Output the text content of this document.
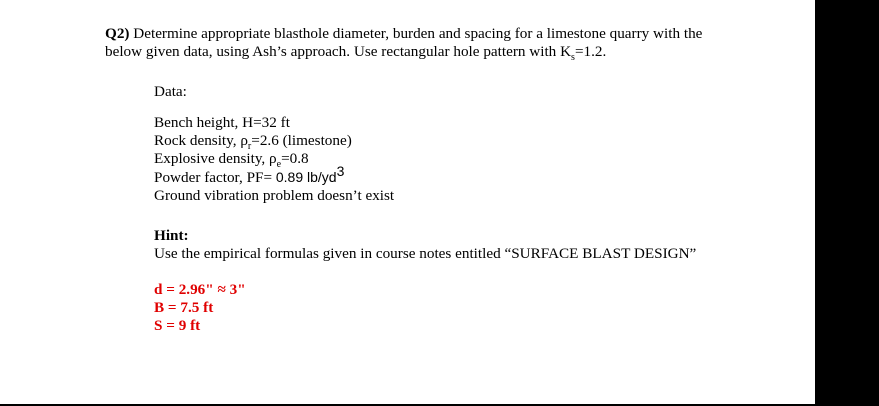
Q2) Determine appropriate blasthole diameter, burden and spacing for a limestone quarry with the
below given data, using Ash’s approach. Use rectangular hole pattern with $K_s=1.2$.
Data:
Bench height, H=32 ft
Rock density, $\rho_r=2.6$ (limestone)
Explosive density, $\rho_e=0.8$
Powder factor, PF= 0.89 $lb/yd^3$
Ground vibration problem doesn’t exist
Hint:
Use the empirical formulas given in course notes entitled “SURFACE BLAST DESIGN”
d = 2.96" ≈ 3"
B = 7.5 ft
S = 9 ft
